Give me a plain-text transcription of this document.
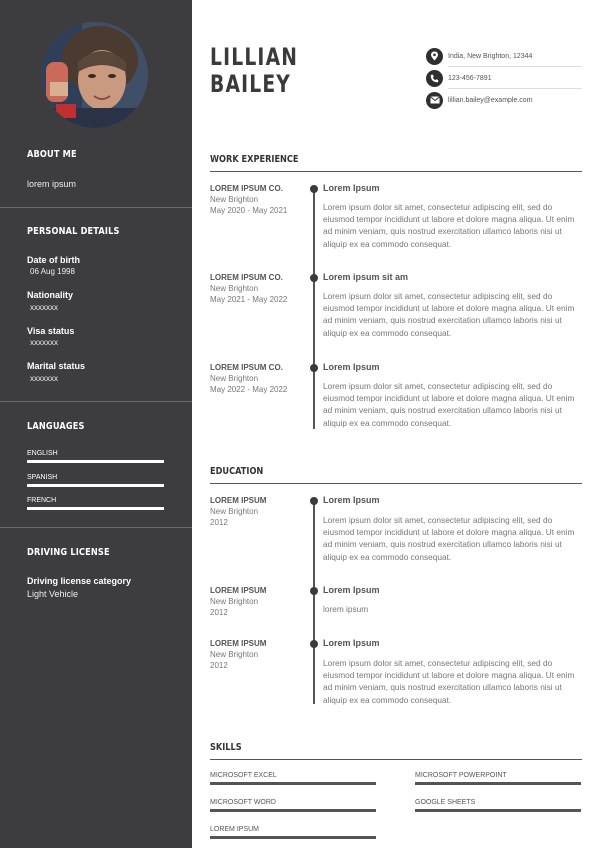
ABOUT ME
lorem ipsum
PERSONAL DETAILS
Date of birth
06 Aug 1998
Nationality
xxxxxxx
Visa status
xxxxxxx
Marital status
xxxxxxx
LANGUAGES
ENGLISH
SPANISH
FRENCH
DRIVING LICENSE
Driving license category
Light Vehicle
LILLIAN
BAILEY
India, New Brighton, 12344
123-456-7891
lillian.bailey@example.com
WORK EXPERIENCE
LOREM IPSUM CO.
New Brighton
May 2020 - May 2021
Lorem Ipsum
Lorem ipsum dolor sit amet, consectetur adipiscing elit, sed do eiusmod tempor incididunt ut labore et dolore magna aliqua. Ut enim ad minim veniam, quis nostrud exercitation ullamco laboris nisi ut aliquip ex ea commodo consequat.
LOREM IPSUM CO.
New Brighton
May 2021 - May 2022
Lorem ipsum sit am
Lorem ipsum dolor sit amet, consectetur adipiscing elit, sed do eiusmod tempor incididunt ut labore et dolore magna aliqua. Ut enim ad minim veniam, quis nostrud exercitation ullamco laboris nisi ut aliquip ex ea commodo consequat.
LOREM IPSUM CO.
New Brighton
May 2022 - May 2022
Lorem Ipsum
Lorem ipsum dolor sit amet, consectetur adipiscing elit, sed do eiusmod tempor incididunt ut labore et dolore magna aliqua. Ut enim ad minim veniam, quis nostrud exercitation ullamco laboris nisi ut aliquip ex ea commodo consequat.
EDUCATION
LOREM IPSUM
New Brighton
2012
Lorem Ipsum
Lorem ipsum dolor sit amet, consectetur adipiscing elit, sed do eiusmod tempor incididunt ut labore et dolore magna aliqua. Ut enim ad minim veniam, quis nostrud exercitation ullamco laboris nisi ut aliquip ex ea commodo consequat.
LOREM IPSUM
New Brighton
2012
Lorem Ipsum
lorem ipsum
LOREM IPSUM
New Brighton
2012
Lorem Ipsum
Lorem ipsum dolor sit amet, consectetur adipiscing elit, sed do eiusmod tempor incididunt ut labore et dolore magna aliqua. Ut enim ad minim veniam, quis nostrud exercitation ullamco laboris nisi ut aliquip ex ea commodo consequat.
SKILLS
MICROSOFT EXCEL	MICROSOFT POWERPOINT
MICROSOFT WORD	GOOGLE SHEETS
LOREM IPSUM
